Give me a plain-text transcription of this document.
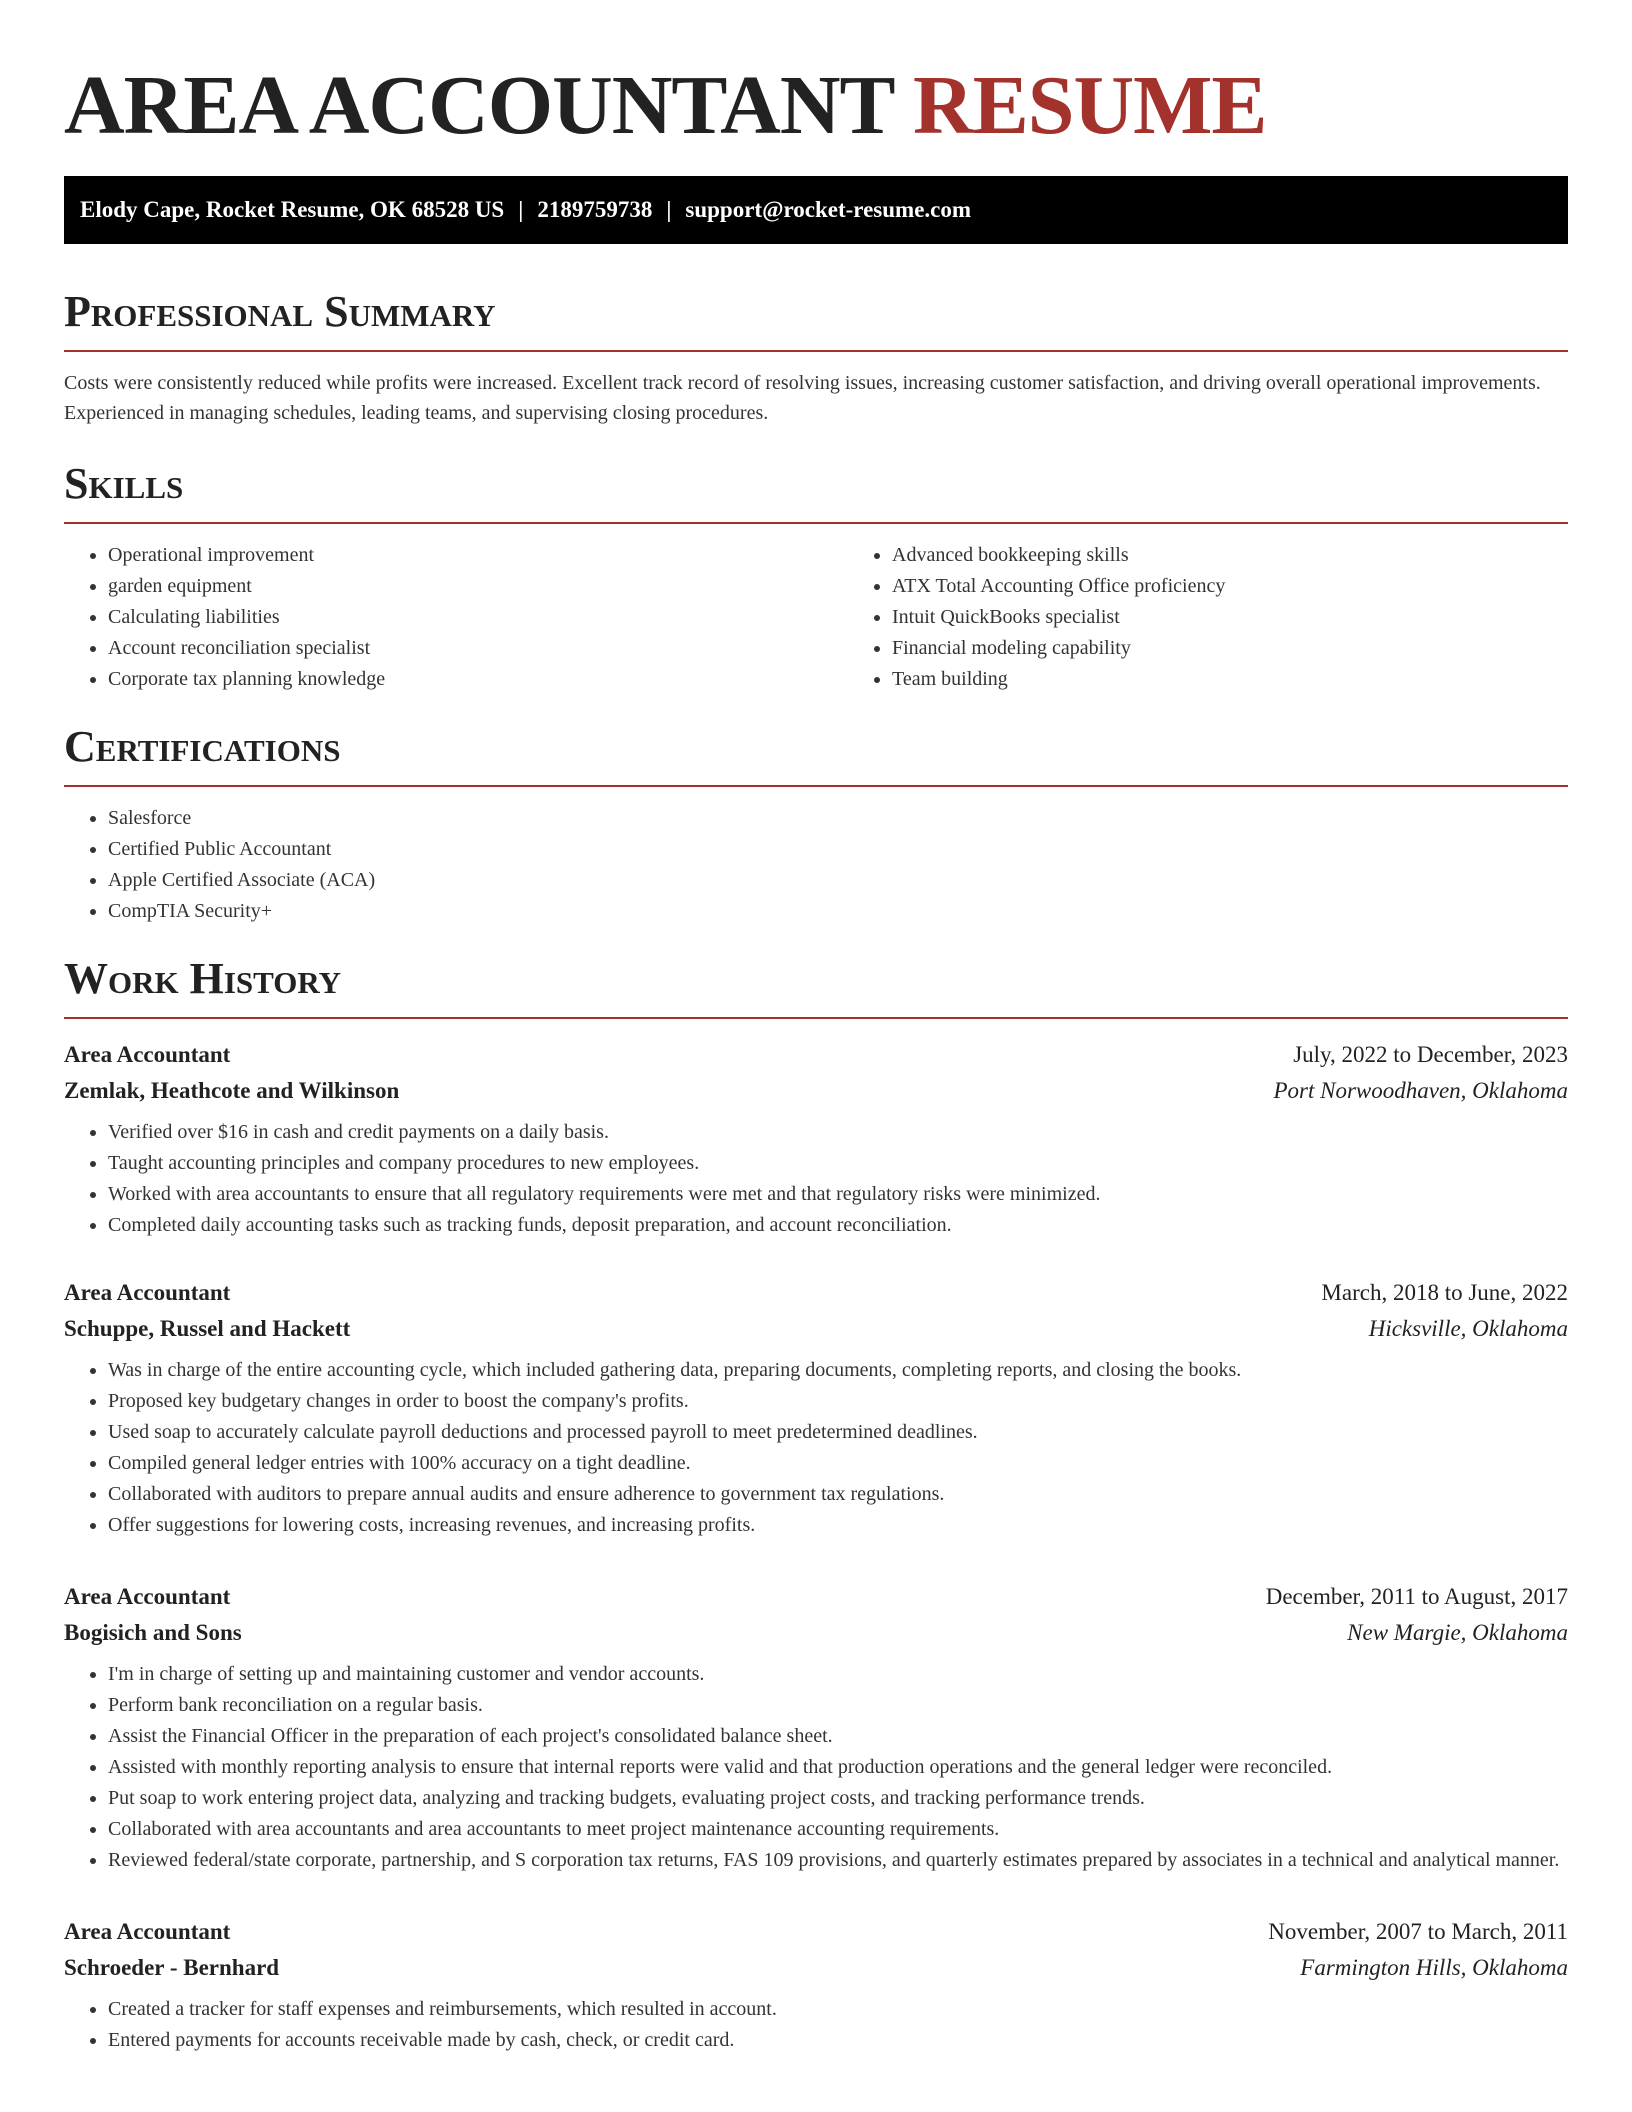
AREA ACCOUNTANT RESUME
Elody Cape, Rocket Resume, OK 68528 US | 2189759738 | support@rocket-resume.com
Professional Summary

Costs were consistently reduced while profits were increased. Excellent track record of resolving issues, increasing customer satisfaction, and driving overall operational improvements. Experienced in managing schedules, leading teams, and supervising closing procedures.

Skills
• Operational improvement
• garden equipment
• Calculating liabilities
• Account reconciliation specialist
• Corporate tax planning knowledge
• Advanced bookkeeping skills
• ATX Total Accounting Office proficiency
• Intuit QuickBooks specialist
• Financial modeling capability
• Team building
Certifications
• Salesforce
• Certified Public Accountant
• Apple Certified Associate (ACA)
• CompTIA Security+
Work History
Area Accountant	July, 2022 to December, 2023
Zemlak, Heathcote and Wilkinson	Port Norwoodhaven, Oklahoma
• Verified over $16 in cash and credit payments on a daily basis.
• Taught accounting principles and company procedures to new employees.
• Worked with area accountants to ensure that all regulatory requirements were met and that regulatory risks were minimized.
• Completed daily accounting tasks such as tracking funds, deposit preparation, and account reconciliation.
Area Accountant	March, 2018 to June, 2022
Schuppe, Russel and Hackett	Hicksville, Oklahoma
• Was in charge of the entire accounting cycle, which included gathering data, preparing documents, completing reports, and closing the books.
• Proposed key budgetary changes in order to boost the company's profits.
• Used soap to accurately calculate payroll deductions and processed payroll to meet predetermined deadlines.
• Compiled general ledger entries with 100% accuracy on a tight deadline.
• Collaborated with auditors to prepare annual audits and ensure adherence to government tax regulations.
• Offer suggestions for lowering costs, increasing revenues, and increasing profits.
Area Accountant	December, 2011 to August, 2017
Bogisich and Sons	New Margie, Oklahoma
• I'm in charge of setting up and maintaining customer and vendor accounts.
• Perform bank reconciliation on a regular basis.
• Assist the Financial Officer in the preparation of each project's consolidated balance sheet.
• Assisted with monthly reporting analysis to ensure that internal reports were valid and that production operations and the general ledger were reconciled.
• Put soap to work entering project data, analyzing and tracking budgets, evaluating project costs, and tracking performance trends.
• Collaborated with area accountants and area accountants to meet project maintenance accounting requirements.
• Reviewed federal/state corporate, partnership, and S corporation tax returns, FAS 109 provisions, and quarterly estimates prepared by associates in a technical and analytical manner.
Area Accountant	November, 2007 to March, 2011
Schroeder - Bernhard	Farmington Hills, Oklahoma
• Created a tracker for staff expenses and reimbursements, which resulted in account.
• Entered payments for accounts receivable made by cash, check, or credit card.
